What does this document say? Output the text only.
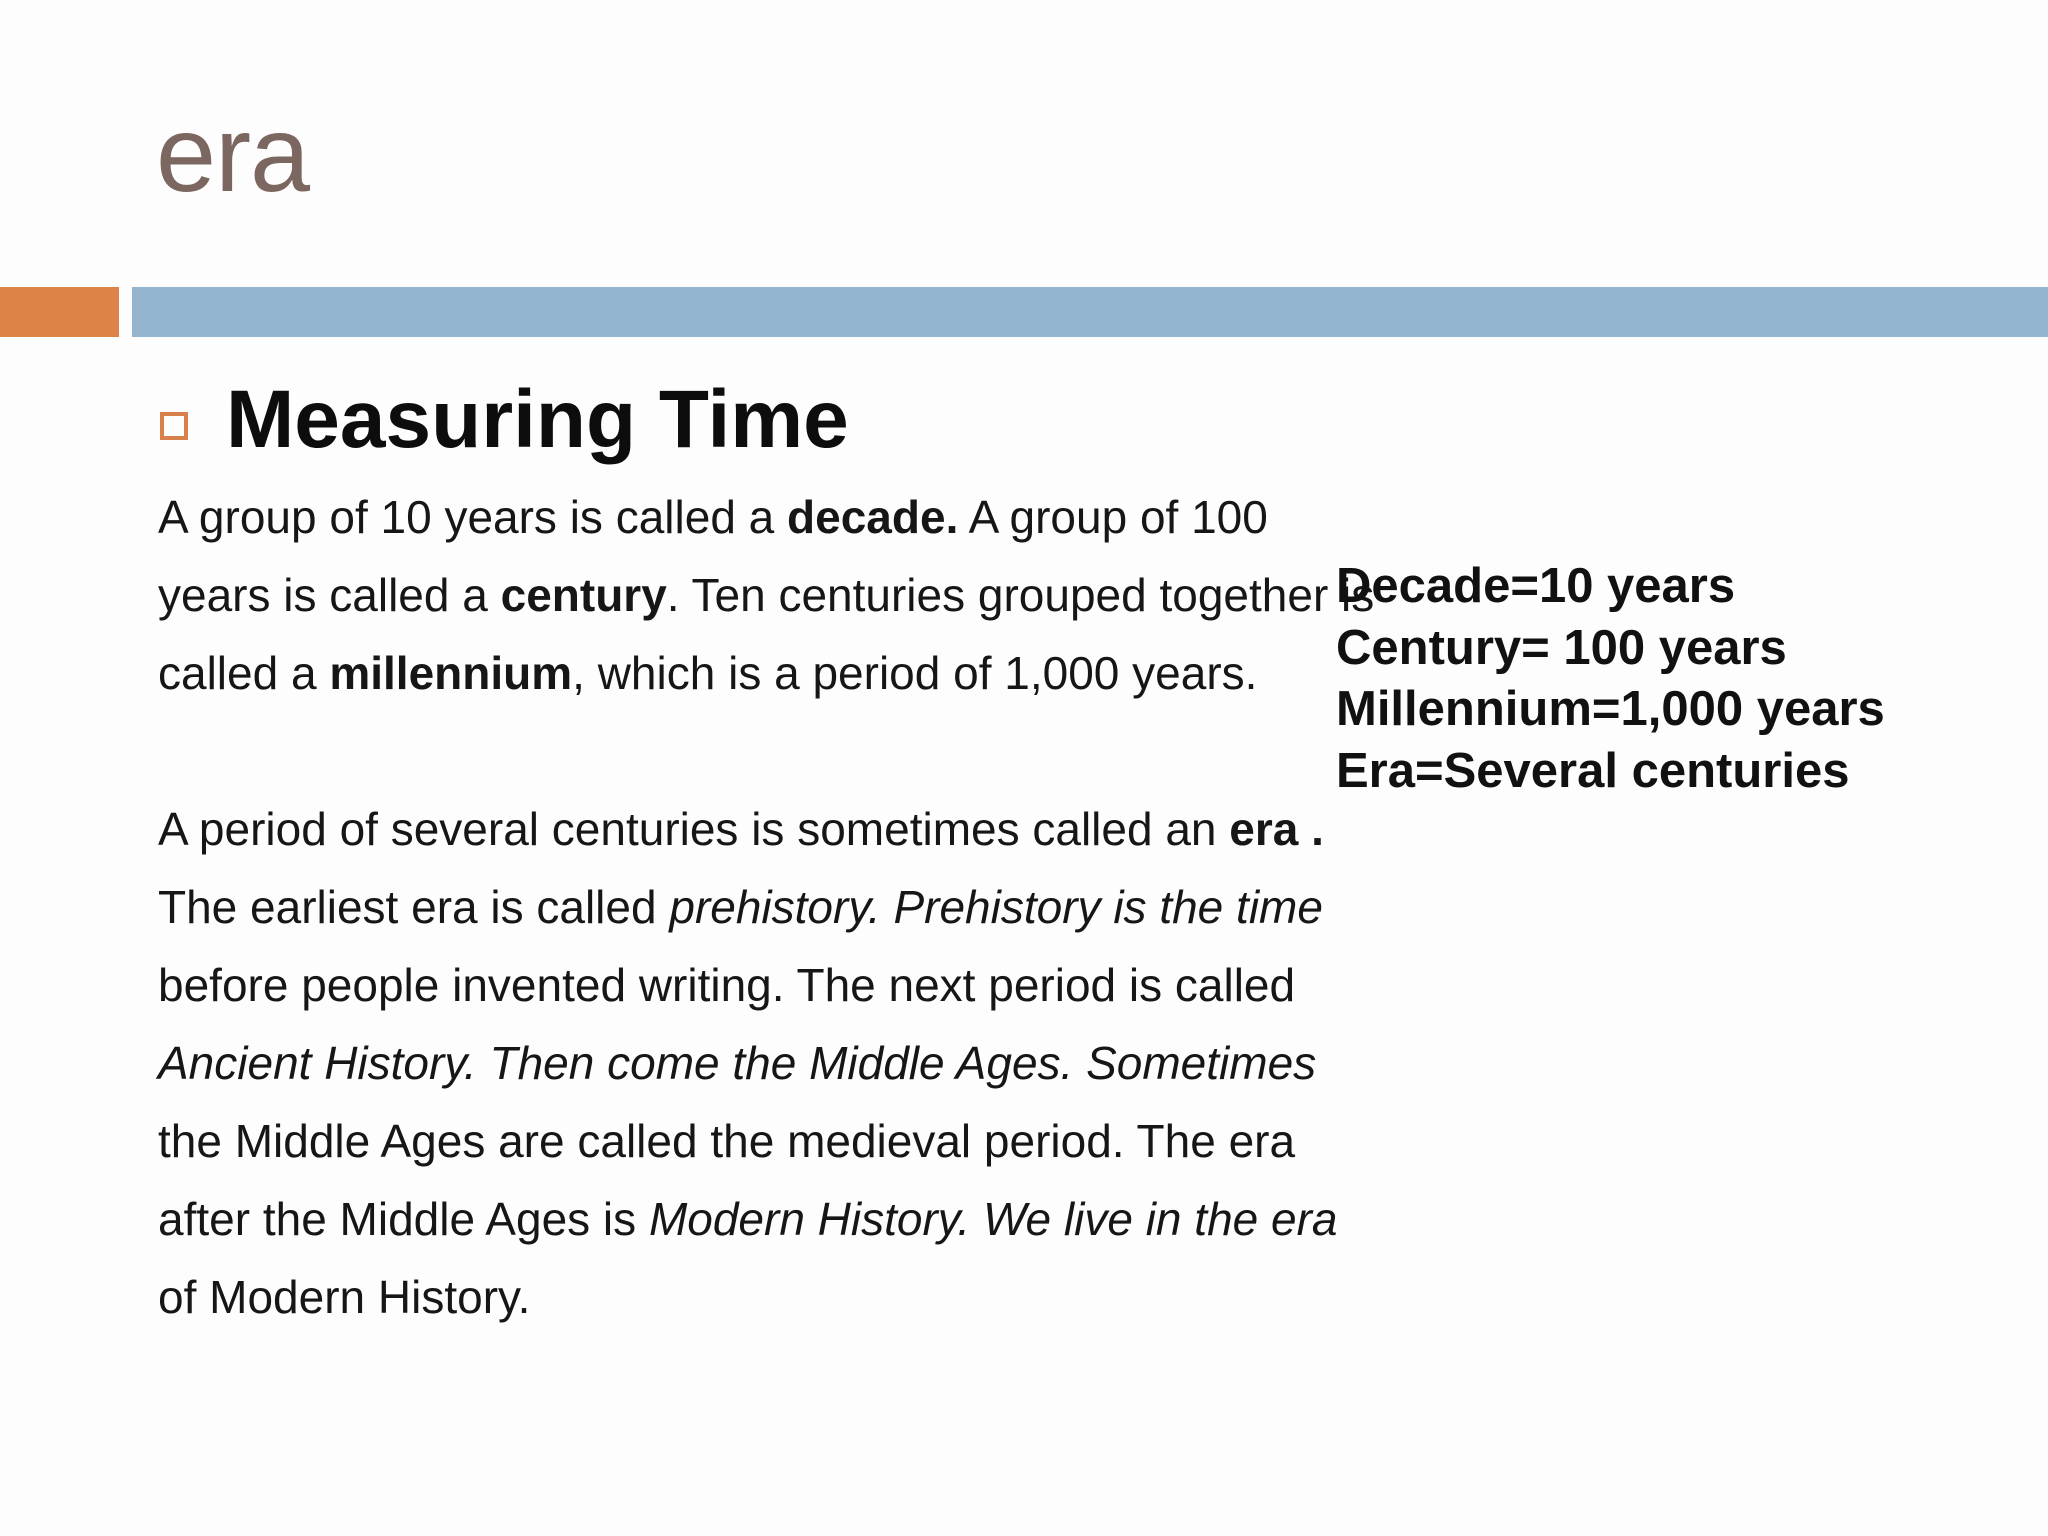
era
Measuring Time
A group of 10 years is called a decade. A group of 100
years is called a century. Ten centuries grouped together is
called a millennium, which is a period of 1,000 years.
A period of several centuries is sometimes called an era .
The earliest era is called prehistory. Prehistory is the time
before people invented writing. The next period is called
Ancient History. Then come the Middle Ages. Sometimes
the Middle Ages are called the medieval period. The era
after the Middle Ages is Modern History. We live in the era
of Modern History.
Decade=10 years
Century= 100 years
Millennium=1,000 years
Era=Several centuries
